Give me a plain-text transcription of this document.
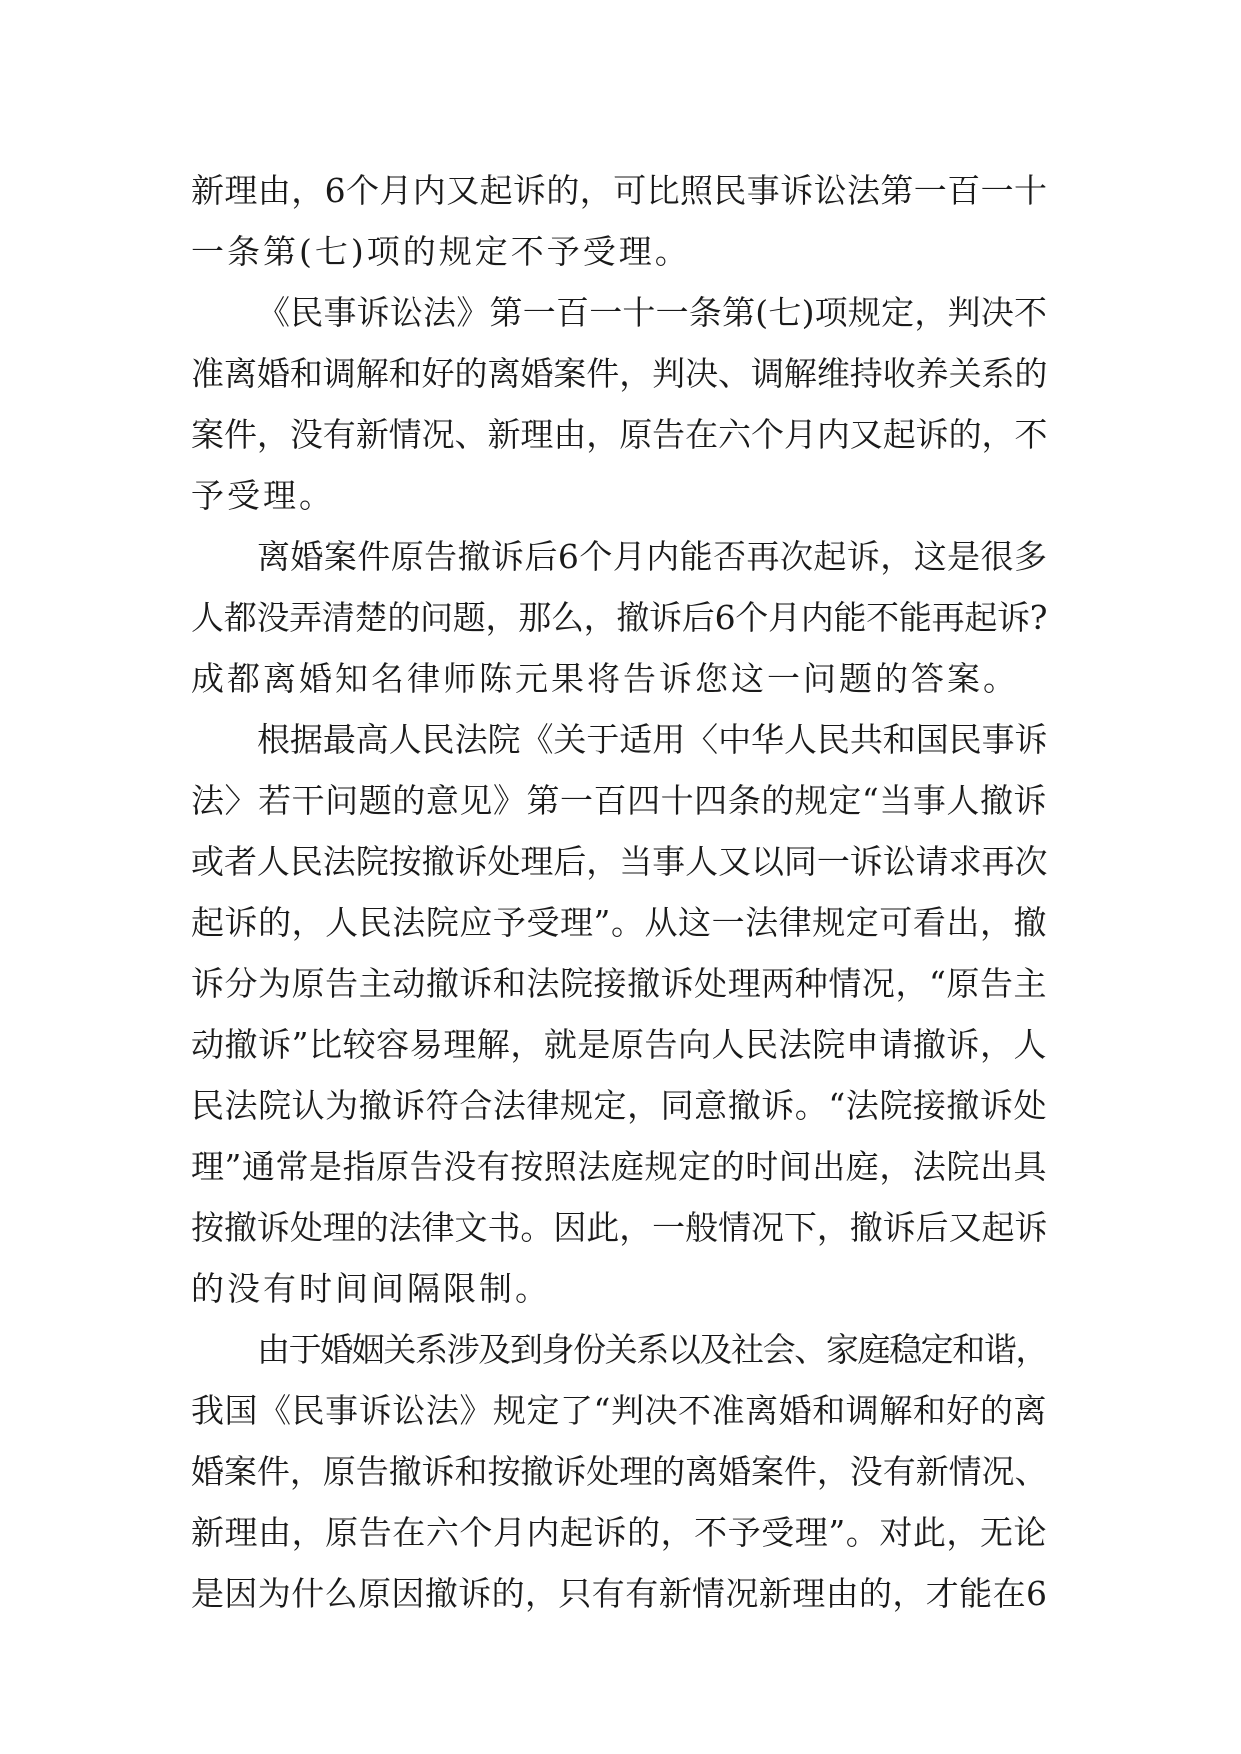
新理由，6个月内又起诉的，可比照民事诉讼法第一百一十
一条第(七)项的规定不予受理。
《民事诉讼法》第一百一十一条第(七)项规定，判决不
准离婚和调解和好的离婚案件，判决、调解维持收养关系的
案件，没有新情况、新理由，原告在六个月内又起诉的，不
予受理。
离婚案件原告撤诉后6个月内能否再次起诉，这是很多
人都没弄清楚的问题，那么，撤诉后6个月内能不能再起诉?
成都离婚知名律师陈元果将告诉您这一问题的答案。
根据最高人民法院《关于适用〈中华人民共和国民事诉
法〉若干问题的意见》第一百四十四条的规定“当事人撤诉
或者人民法院按撤诉处理后，当事人又以同一诉讼请求再次
起诉的，人民法院应予受理”。从这一法律规定可看出，撤
诉分为原告主动撤诉和法院接撤诉处理两种情况，“原告主
动撤诉”比较容易理解，就是原告向人民法院申请撤诉，人
民法院认为撤诉符合法律规定，同意撤诉。“法院接撤诉处
理”通常是指原告没有按照法庭规定的时间出庭，法院出具
按撤诉处理的法律文书。因此，一般情况下，撤诉后又起诉
的没有时间间隔限制。
由于婚姻关系涉及到身份关系以及社会、家庭稳定和谐，
我国《民事诉讼法》规定了“判决不准离婚和调解和好的离
婚案件，原告撤诉和按撤诉处理的离婚案件，没有新情况、
新理由，原告在六个月内起诉的，不予受理”。对此，无论
是因为什么原因撤诉的，只有有新情况新理由的，才能在6
